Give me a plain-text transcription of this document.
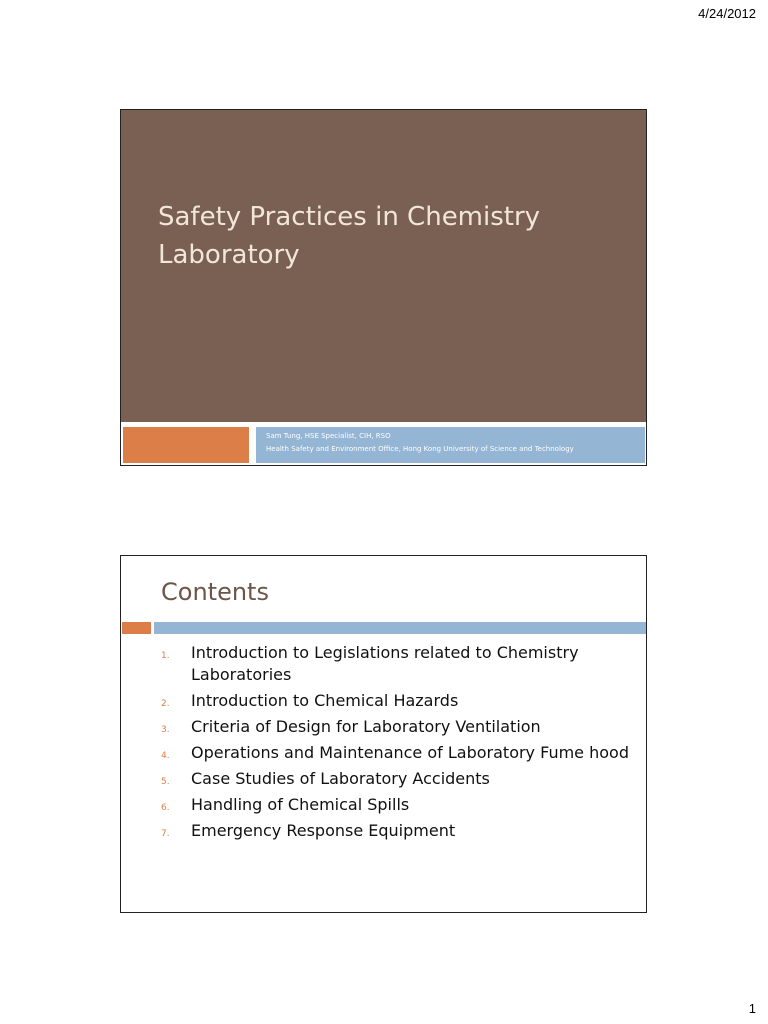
4/24/2012
Safety Practices in Chemistry Laboratory
Sam Tung, HSE Specialist, CIH, RSO
Health Safety and Environment Office, Hong Kong University of Science and Technology
Contents
1.	Introduction to Legislations related to Chemistry Laboratories
2.	Introduction to Chemical Hazards
3.	Criteria of Design for Laboratory Ventilation
4.	Operations and Maintenance of Laboratory Fume hood
5.	Case Studies of Laboratory Accidents
6.	Handling of Chemical Spills
7.	Emergency Response Equipment
1
